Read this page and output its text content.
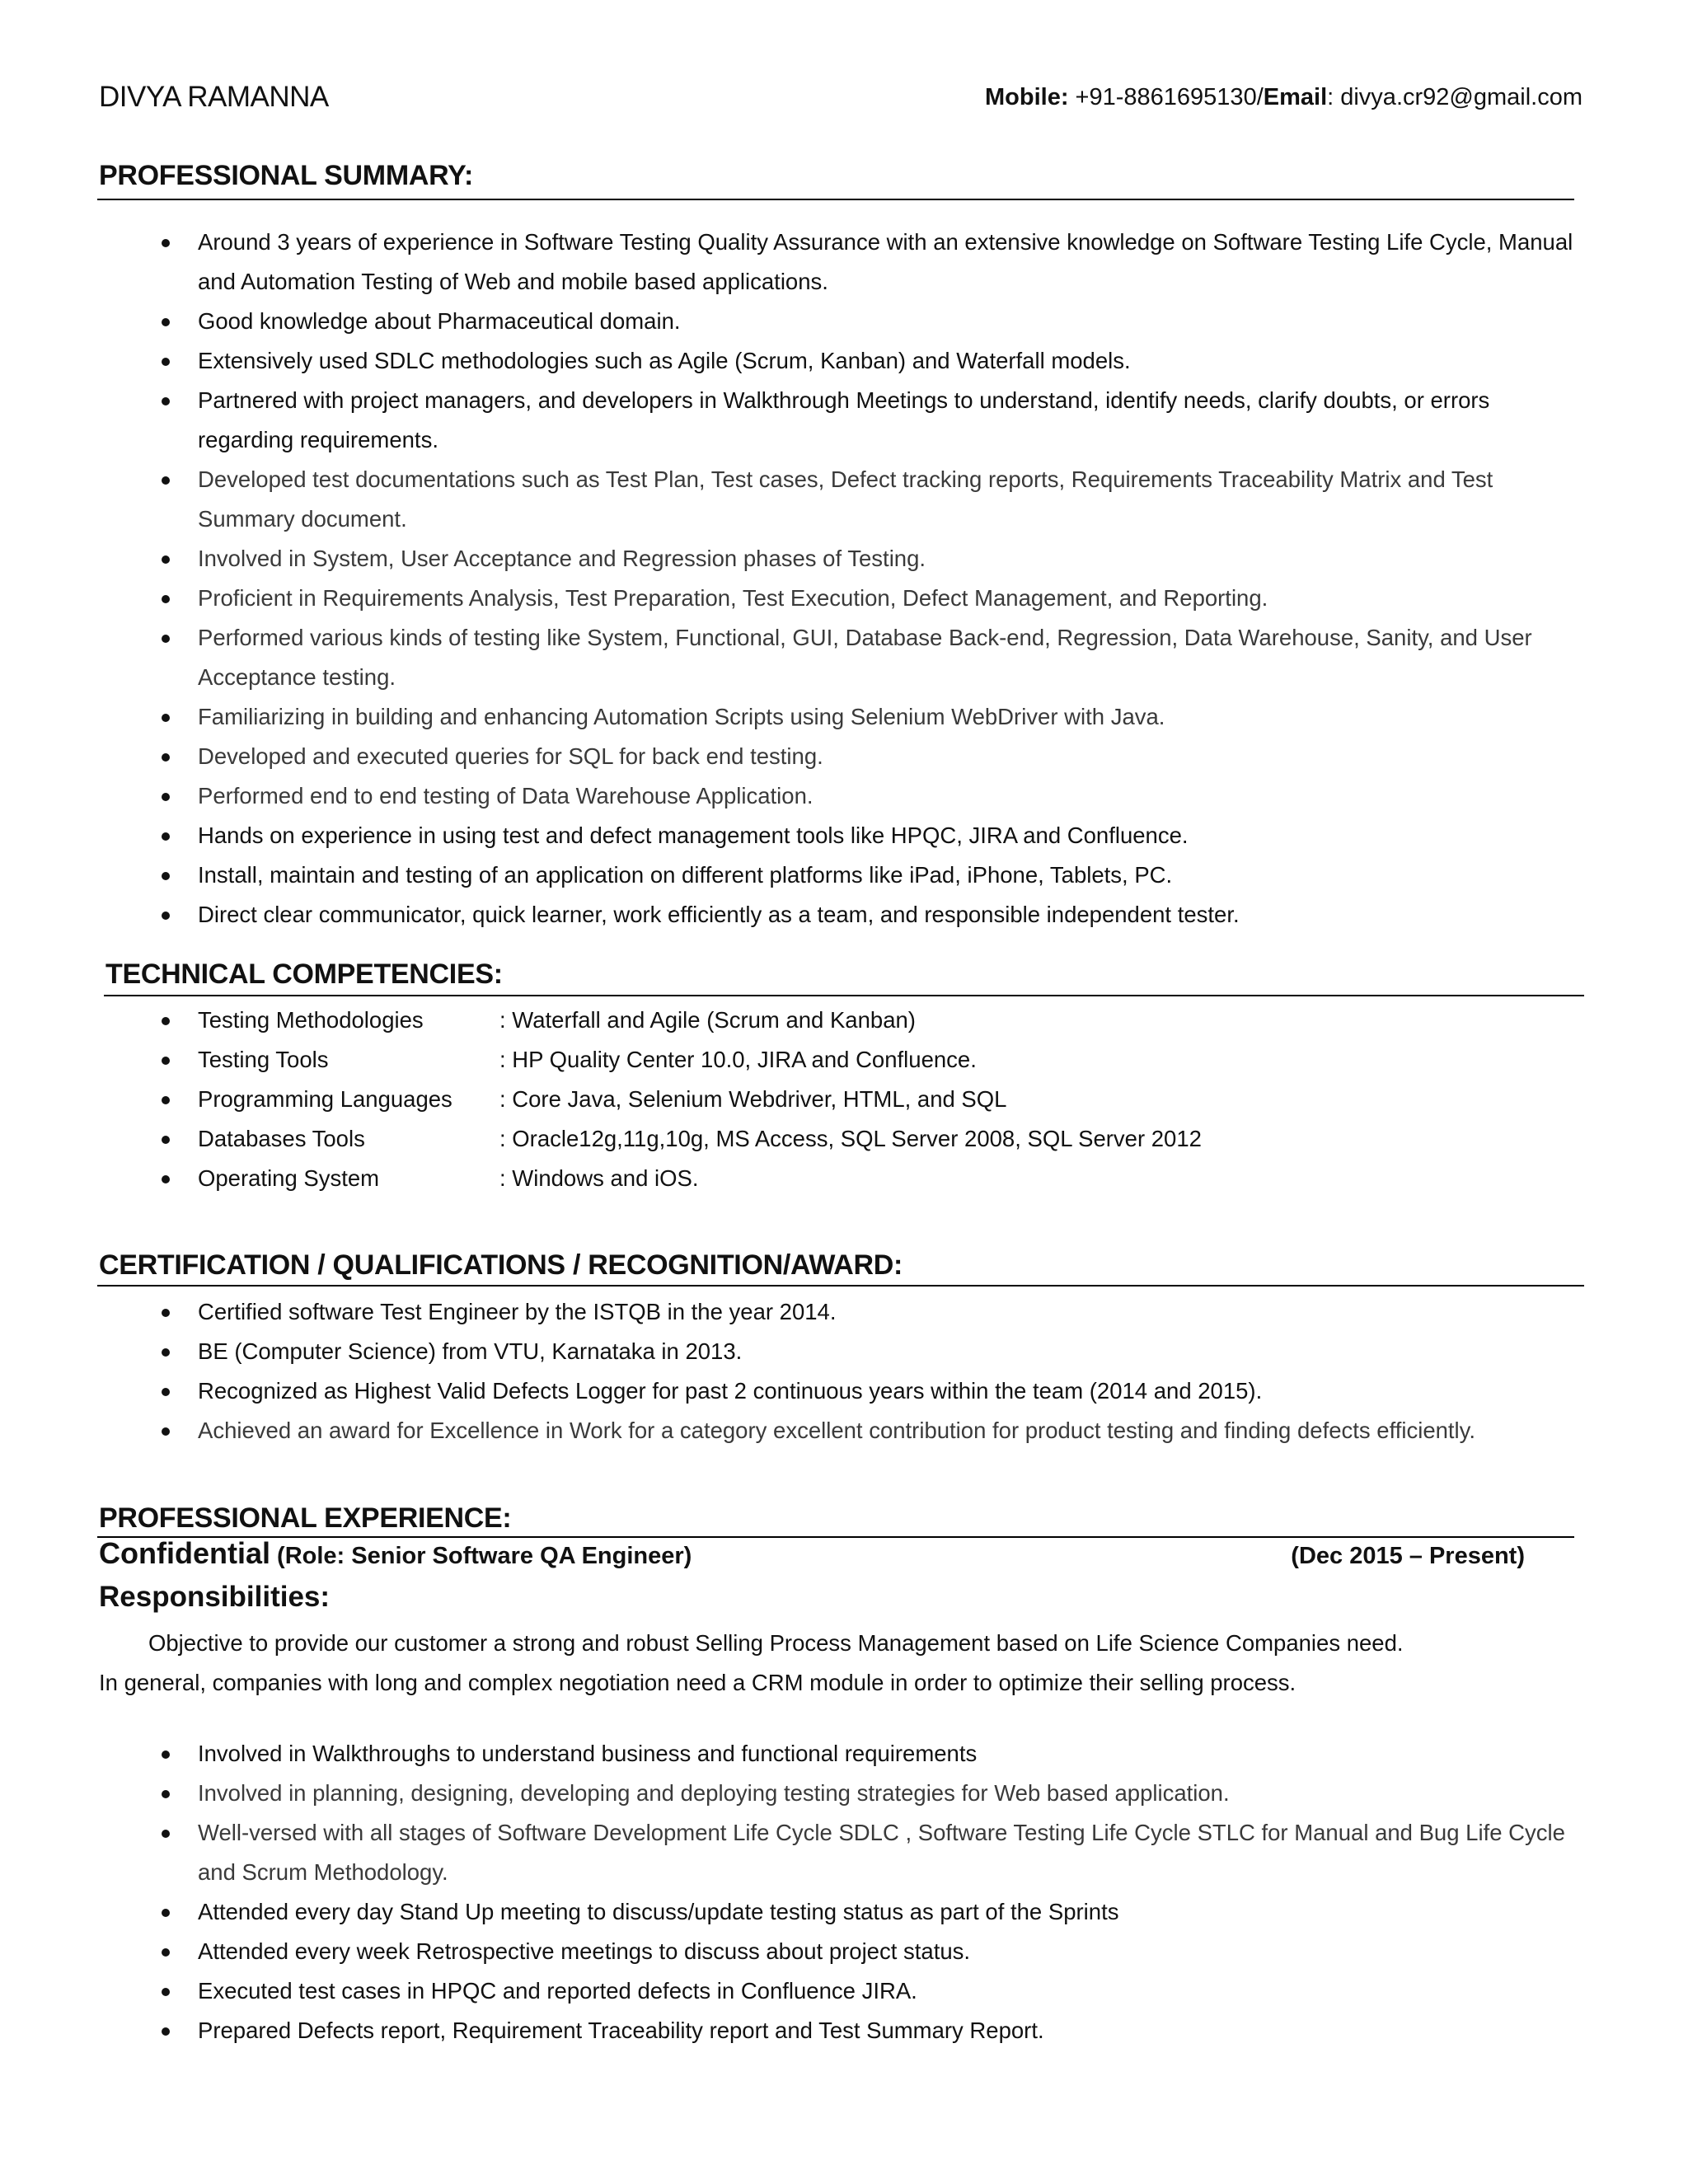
DIVYA RAMANNA	Mobile: +91-8861695130/Email: divya.cr92@gmail.com
PROFESSIONAL SUMMARY:
Around 3 years of experience in Software Testing Quality Assurance with an extensive knowledge on Software Testing Life Cycle, Manual and Automation Testing of Web and mobile based applications.
Good knowledge about Pharmaceutical domain.
Extensively used SDLC methodologies such as Agile (Scrum, Kanban) and Waterfall models.
Partnered with project managers, and developers in Walkthrough Meetings to understand, identify needs, clarify doubts, or errors regarding requirements.
Developed test documentations such as Test Plan, Test cases, Defect tracking reports, Requirements Traceability Matrix and Test Summary document.
Involved in System, User Acceptance and Regression phases of Testing.
Proficient in Requirements Analysis, Test Preparation, Test Execution, Defect Management, and Reporting.
Performed various kinds of testing like System, Functional, GUI, Database Back-end, Regression, Data Warehouse, Sanity, and User Acceptance testing.
Familiarizing in building and enhancing Automation Scripts using Selenium WebDriver with Java.
Developed and executed queries for SQL for back end testing.
Performed end to end testing of Data Warehouse Application.
Hands on experience in using test and defect management tools like HPQC, JIRA and Confluence.
Install, maintain and testing of an application on different platforms like iPad, iPhone, Tablets, PC.
Direct clear communicator, quick learner, work efficiently as a team, and responsible independent tester.
TECHNICAL COMPETENCIES:
Testing Methodologies	: Waterfall and Agile (Scrum and Kanban)
Testing Tools	: HP Quality Center 10.0, JIRA and Confluence.
Programming Languages : Core Java, Selenium Webdriver, HTML, and SQL
Databases Tools	: Oracle12g,11g,10g, MS Access, SQL Server 2008, SQL Server 2012
Operating System	: Windows and iOS.
CERTIFICATION / QUALIFICATIONS / RECOGNITION/AWARD:
Certified software Test Engineer by the ISTQB in the year 2014.
BE (Computer Science) from VTU, Karnataka in 2013.
Recognized as Highest Valid Defects Logger for past 2 continuous years within the team (2014 and 2015).
Achieved an award for Excellence in Work for a category excellent contribution for product testing and finding defects efficiently.
PROFESSIONAL EXPERIENCE:
Confidential (Role: Senior Software QA Engineer)	(Dec 2015 – Present)
Responsibilities:
Objective to provide our customer a strong and robust Selling Process Management based on Life Science Companies need.
In general, companies with long and complex negotiation need a CRM module in order to optimize their selling process.
Involved in Walkthroughs to understand business and functional requirements
Involved in planning, designing, developing and deploying testing strategies for Web based application.
Well-versed with all stages of Software Development Life Cycle SDLC , Software Testing Life Cycle STLC for Manual and Bug Life Cycle and Scrum Methodology.
Attended every day Stand Up meeting to discuss/update testing status as part of the Sprints
Attended every week Retrospective meetings to discuss about project status.
Executed test cases in HPQC and reported defects in Confluence JIRA.
Prepared Defects report, Requirement Traceability report and Test Summary Report.
